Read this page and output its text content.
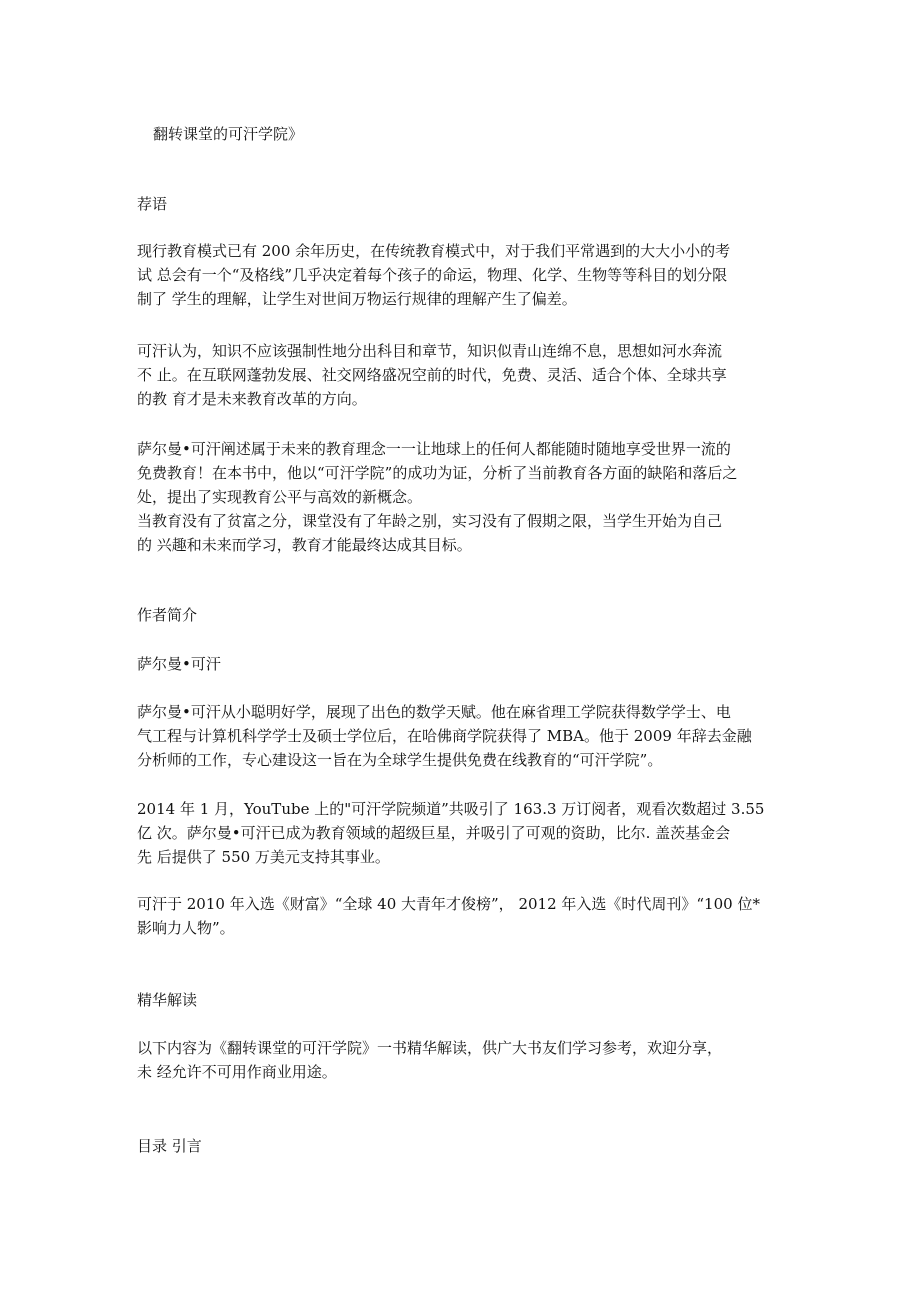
翻转课堂的可汗学院》

荐语

现行教育模式已有 200 余年历史，在传统教育模式中，对于我们平常遇到的大大小小的考

试 总会有一个“及格线”几乎决定着每个孩子的命运，物理、化学、生物等等科目的划分限

制了 学生的理解，让学生对世间万物运行规律的理解产生了偏差。

可汗认为，知识不应该强制性地分出科目和章节，知识似青山连绵不息，思想如河水奔流

不 止。在互联网蓬勃发展、社交网络盛况空前的时代，免费、灵活、适合个体、全球共享

的教 育才是未来教育改革的方向。

萨尔曼•可汗阐述属于未来的教育理念一一让地球上的任何人都能随时随地享受世界一流的

免费教育！在本书中，他以“可汗学院”的成功为证，分析了当前教育各方面的缺陷和落后之

处，提出了实现教育公平与高效的新概念。

当教育没有了贫富之分，课堂没有了年龄之别，实习没有了假期之限，当学生开始为自己

的 兴趣和未来而学习，教育才能最终达成其目标。

作者简介

萨尔曼•可汗

萨尔曼•可汗从小聪明好学，展现了出色的数学天赋。他在麻省理工学院获得数学学士、电

气工程与计算机科学学士及硕士学位后，在哈佛商学院获得了 MBA。他于 2009 年辞去金融

分析师的工作，专心建设这一旨在为全球学生提供免费在线教育的“可汗学院”。

2014 年 1 月，YouTube 上的"可汗学院频道”共吸引了 163.3 万订阅者，观看次数超过 3.55

亿 次。萨尔曼•可汗已成为教育领域的超级巨星，并吸引了可观的资助，比尔. 盖茨基金会

先 后提供了 550 万美元支持其事业。

可汗于 2010 年入选《财富》“全球 40 大青年才俊榜”， 2012 年入选《时代周刊》“100 位*

影响力人物”。

精华解读

以下内容为《翻转课堂的可汗学院》一书精华解读，供广大书友们学习参考，欢迎分享，

未 经允许不可用作商业用途。

目录 引言
